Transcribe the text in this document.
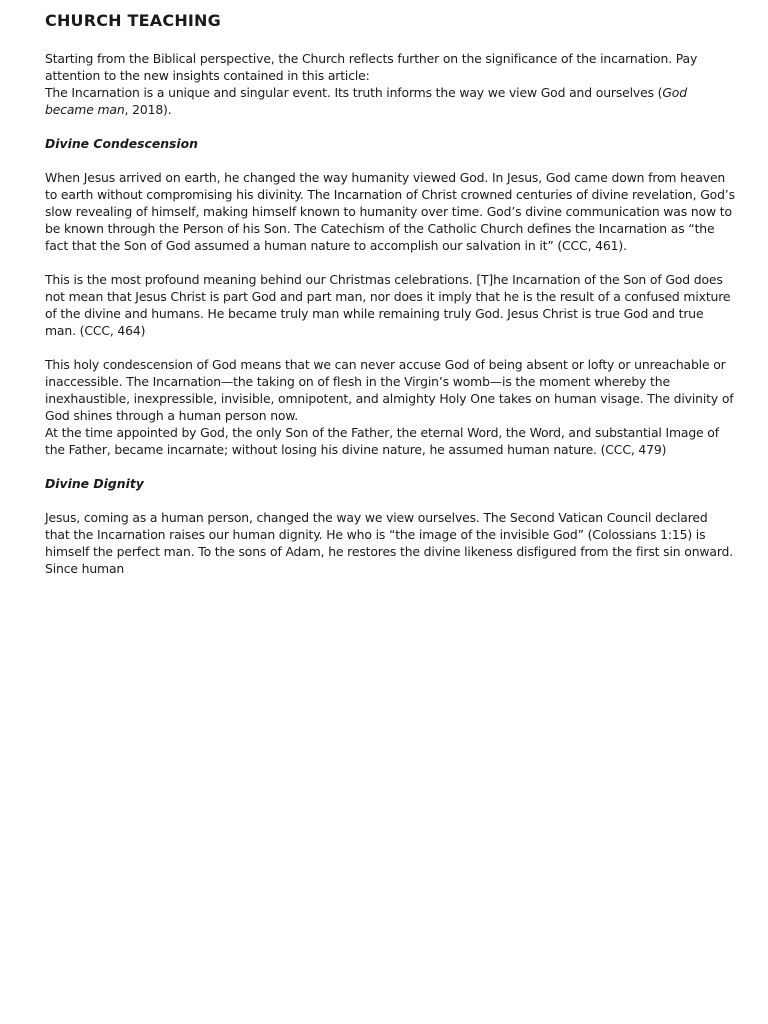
CHURCH TEACHING
Starting from the Biblical perspective, the Church reflects further on the significance of the incarnation. Pay attention to the new insights contained in this article:
The Incarnation is a unique and singular event. Its truth informs the way we view God and ourselves (God became man, 2018).
Divine Condescension

When Jesus arrived on earth, he changed the way humanity viewed God. In Jesus, God came down from heaven to earth without compromising his divinity. The Incarnation of Christ crowned centuries of divine revelation, God’s slow revealing of himself, making himself known to humanity over time. God’s divine communication was now to be known through the Person of his Son. The Catechism of the Catholic Church defines the Incarnation as “the fact that the Son of God assumed a human nature to accomplish our salvation in it” (CCC, 461).

This is the most profound meaning behind our Christmas celebrations. [T]he Incarnation of the Son of God does not mean that Jesus Christ is part God and part man, nor does it imply that he is the result of a confused mixture of the divine and humans. He became truly man while remaining truly God. Jesus Christ is true God and true man. (CCC, 464)

This holy condescension of God means that we can never accuse God of being absent or lofty or unreachable or inaccessible. The Incarnation—the taking on of flesh in the Virgin’s womb—is the moment whereby the inexhaustible, inexpressible, invisible, omnipotent, and almighty Holy One takes on human visage. The divinity of God shines through a human person now.
At the time appointed by God, the only Son of the Father, the eternal Word, the Word, and substantial Image of the Father, became incarnate; without losing his divine nature, he assumed human nature. (CCC, 479)
Divine Dignity

Jesus, coming as a human person, changed the way we view ourselves. The Second Vatican Council declared that the Incarnation raises our human dignity. He who is “the image of the invisible God” (Colossians 1:15) is himself the perfect man. To the sons of Adam, he restores the divine likeness disfigured from the first sin onward. Since human
